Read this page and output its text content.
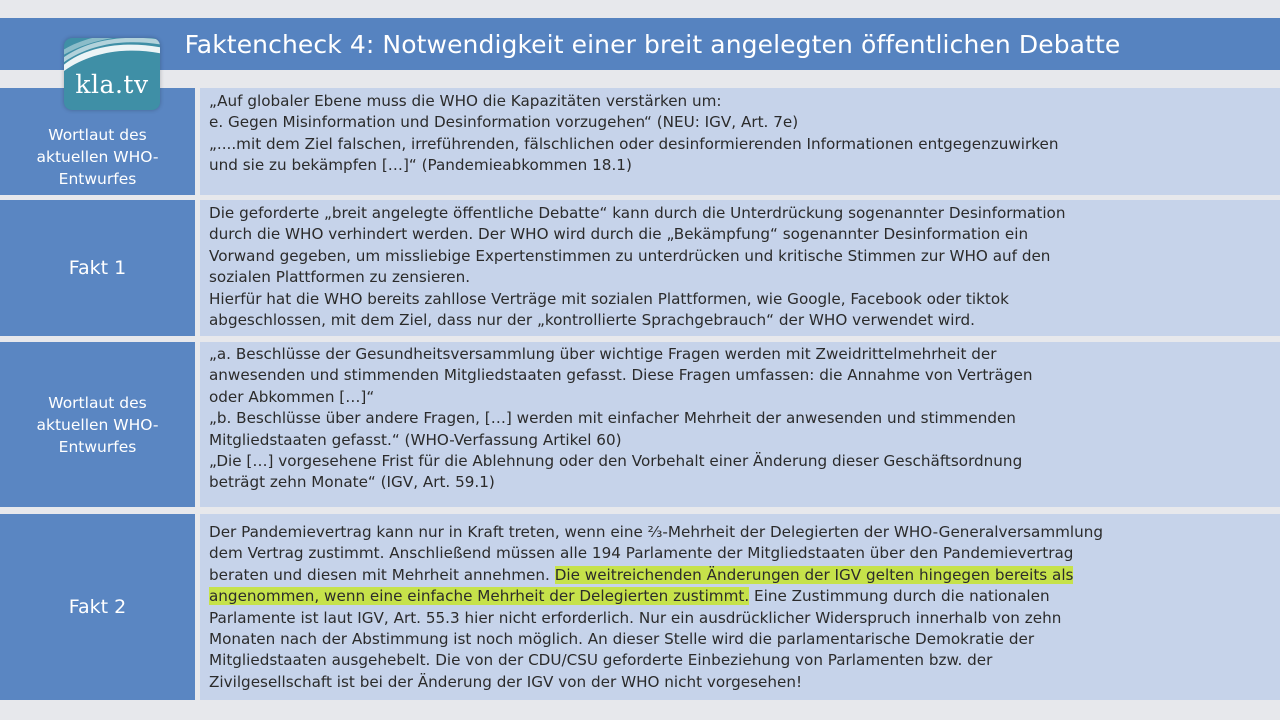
Faktencheck 4: Notwendigkeit einer breit angelegten öffentlichen Debatte
Wortlaut des aktuellen WHO-Entwurfes

„Auf globaler Ebene muss die WHO die Kapazitäten verstärken um:

e. Gegen Misinformation und Desinformation vorzugehen“ (NEU: IGV, Art. 7e)

„....mit dem Ziel falschen, irreführenden, fälschlichen oder desinformierenden Informationen entgegenzuwirken

und sie zu bekämpfen […]“ (Pandemieabkommen 18.1)

Fakt 1

Die geforderte „breit angelegte öffentliche Debatte“ kann durch die Unterdrückung sogenannter Desinformation

durch die WHO verhindert werden. Der WHO wird durch die „Bekämpfung“ sogenannter Desinformation ein

Vorwand gegeben, um missliebige Expertenstimmen zu unterdrücken und kritische Stimmen zur WHO auf den

sozialen Plattformen zu zensieren.

Hierfür hat die WHO bereits zahllose Verträge mit sozialen Plattformen, wie Google, Facebook oder tiktok

abgeschlossen, mit dem Ziel, dass nur der „kontrollierte Sprachgebrauch“ der WHO verwendet wird.

Wortlaut des aktuellen WHO-Entwurfes

„a. Beschlüsse der Gesundheitsversammlung über wichtige Fragen werden mit Zweidrittelmehrheit der

anwesenden und stimmenden Mitgliedstaaten gefasst. Diese Fragen umfassen: die Annahme von Verträgen

oder Abkommen […]“

„b. Beschlüsse über andere Fragen, […] werden mit einfacher Mehrheit der anwesenden und stimmenden

Mitgliedstaaten gefasst.“ (WHO-Verfassung Artikel 60)

„Die […] vorgesehene Frist für die Ablehnung oder den Vorbehalt einer Änderung dieser Geschäftsordnung

beträgt zehn Monate“ (IGV, Art. 59.1)

Fakt 2

Der Pandemievertrag kann nur in Kraft treten, wenn eine ⅔-Mehrheit der Delegierten der WHO-Generalversammlung

dem Vertrag zustimmt. Anschließend müssen alle 194 Parlamente der Mitgliedstaaten über den Pandemievertrag

beraten und diesen mit Mehrheit annehmen. Die weitreichenden Änderungen der IGV gelten hingegen bereits als

angenommen, wenn eine einfache Mehrheit der Delegierten zustimmt. Eine Zustimmung durch die nationalen

Parlamente ist laut IGV, Art. 55.3 hier nicht erforderlich. Nur ein ausdrücklicher Widerspruch innerhalb von zehn

Monaten nach der Abstimmung ist noch möglich. An dieser Stelle wird die parlamentarische Demokratie der

Mitgliedstaaten ausgehebelt. Die von der CDU/CSU geforderte Einbeziehung von Parlamenten bzw. der

Zivilgesellschaft ist bei der Änderung der IGV von der WHO nicht vorgesehen!

kla.tv
